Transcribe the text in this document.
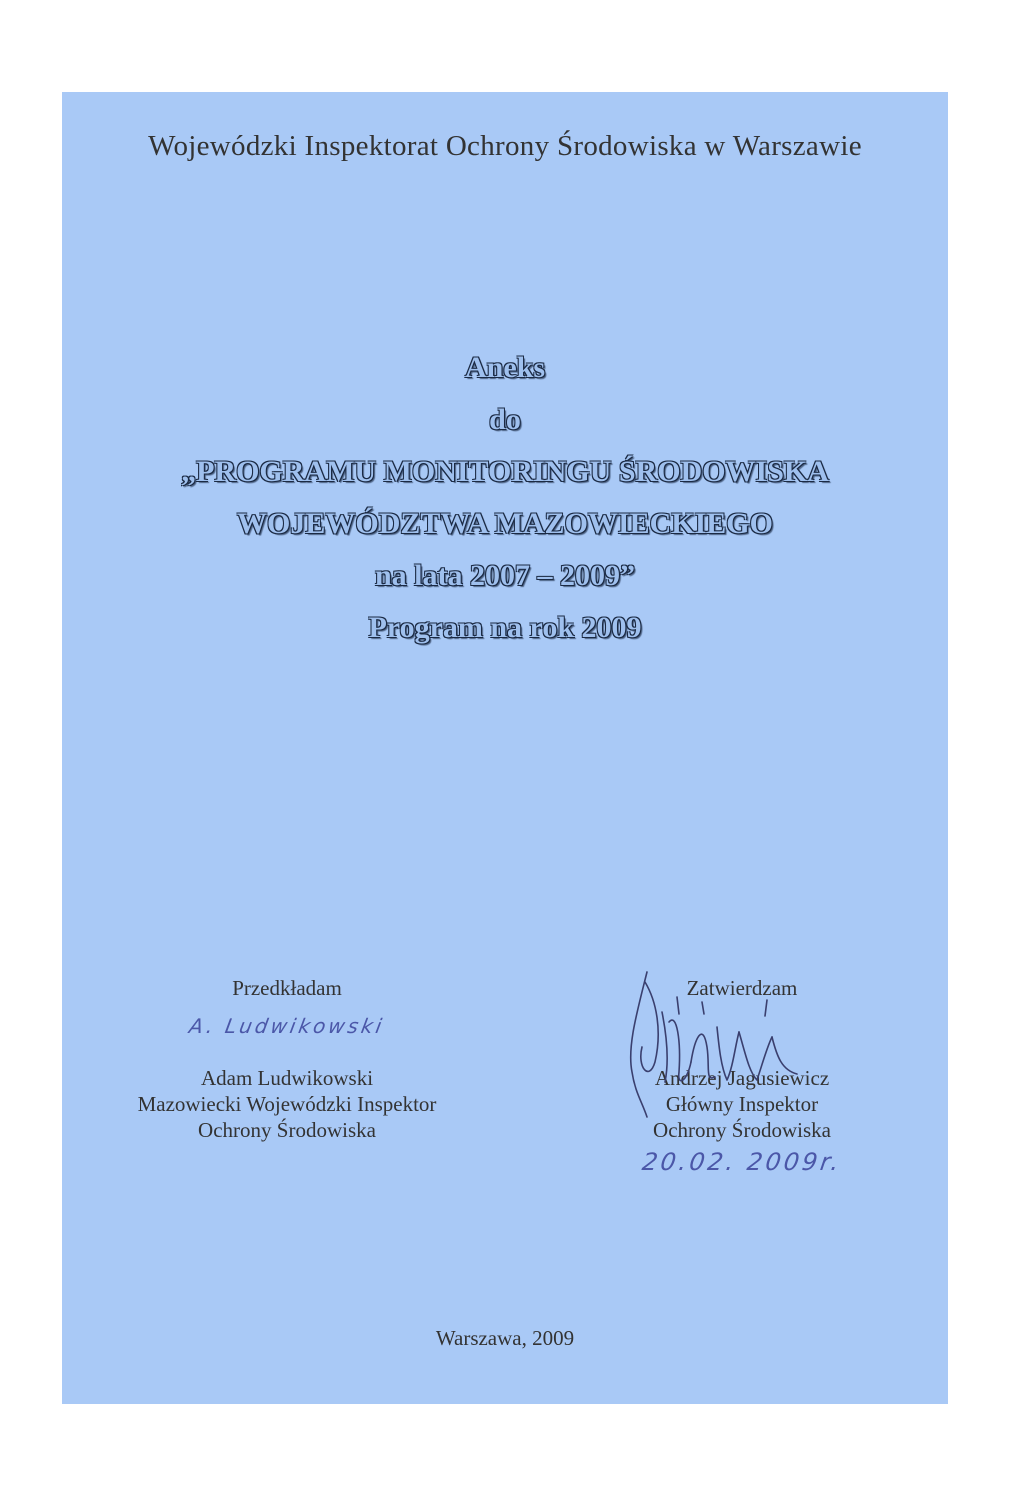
Wojewódzki Inspektorat Ochrony Środowiska w Warszawie
Aneks
do
„PROGRAMU MONITORINGU ŚRODOWISKA
WOJEWÓDZTWA MAZOWIECKIEGO
na lata 2007 – 2009”
Program na rok 2009
Przedkładam
A. Ludwikowski
Adam Ludwikowski
Mazowiecki Wojewódzki Inspektor
Ochrony Środowiska
Zatwierdzam
Andrzej Jagusiewicz
Główny Inspektor
Ochrony Środowiska
20.02. 2009r.
Warszawa, 2009
